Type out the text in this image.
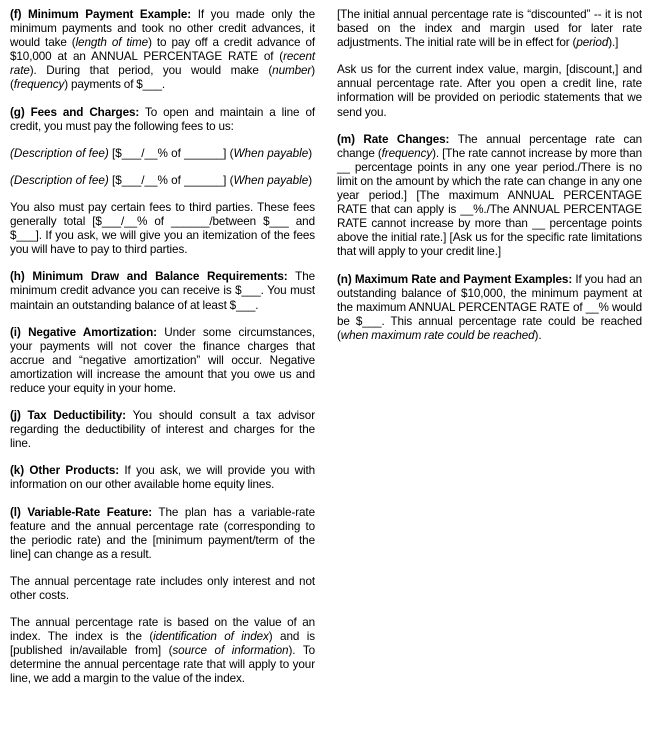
(f) Minimum Payment Example: If you made only the minimum payments and took no other credit advances, it would take (length of time) to pay off a credit advance of $10,000 at an ANNUAL PERCENTAGE RATE of (recent rate). During that period, you would make (number) (frequency) payments of $___.

(g) Fees and Charges: To open and maintain a line of credit, you must pay the following fees to us:

(Description of fee) [$___/__% of ______] (When payable)

(Description of fee) [$___/__% of ______] (When payable)

You also must pay certain fees to third parties. These fees generally total [$___/__% of ______/between $___ and $___]. If you ask, we will give you an itemization of the fees you will have to pay to third parties.

(h) Minimum Draw and Balance Requirements: The minimum credit advance you can receive is $___. You must maintain an outstanding balance of at least $___.

(i) Negative Amortization: Under some circumstances, your payments will not cover the finance charges that accrue and “negative amortization” will occur. Negative amortization will increase the amount that you owe us and reduce your equity in your home.

(j) Tax Deductibility: You should consult a tax advisor regarding the deductibility of interest and charges for the line.

(k) Other Products: If you ask, we will provide you with information on our other available home equity lines.

(l) Variable-Rate Feature: The plan has a variable-rate feature and the annual percentage rate (corresponding to the periodic rate) and the [minimum payment/term of the line] can change as a result.

The annual percentage rate includes only interest and not other costs.

The annual percentage rate is based on the value of an index. The index is the (identification of index) and is [published in/available from] (source of information). To determine the annual percentage rate that will apply to your line, we add a margin to the value of the index.

[The initial annual percentage rate is “discounted” -- it is not based on the index and margin used for later rate adjustments. The initial rate will be in effect for (period).]

Ask us for the current index value, margin, [discount,] and annual percentage rate. After you open a credit line, rate information will be provided on periodic statements that we send you.

(m) Rate Changes: The annual percentage rate can change (frequency). [The rate cannot increase by more than __ percentage points in any one year period./There is no limit on the amount by which the rate can change in any one year period.] [The maximum ANNUAL PERCENTAGE RATE that can apply is __%./The ANNUAL PERCENTAGE RATE cannot increase by more than __ percentage points above the initial rate.] [Ask us for the specific rate limitations that will apply to your credit line.]

(n) Maximum Rate and Payment Examples: If you had an outstanding balance of $10,000, the minimum payment at the maximum ANNUAL PERCENTAGE RATE of __% would be $___. This annual percentage rate could be reached (when maximum rate could be reached).
